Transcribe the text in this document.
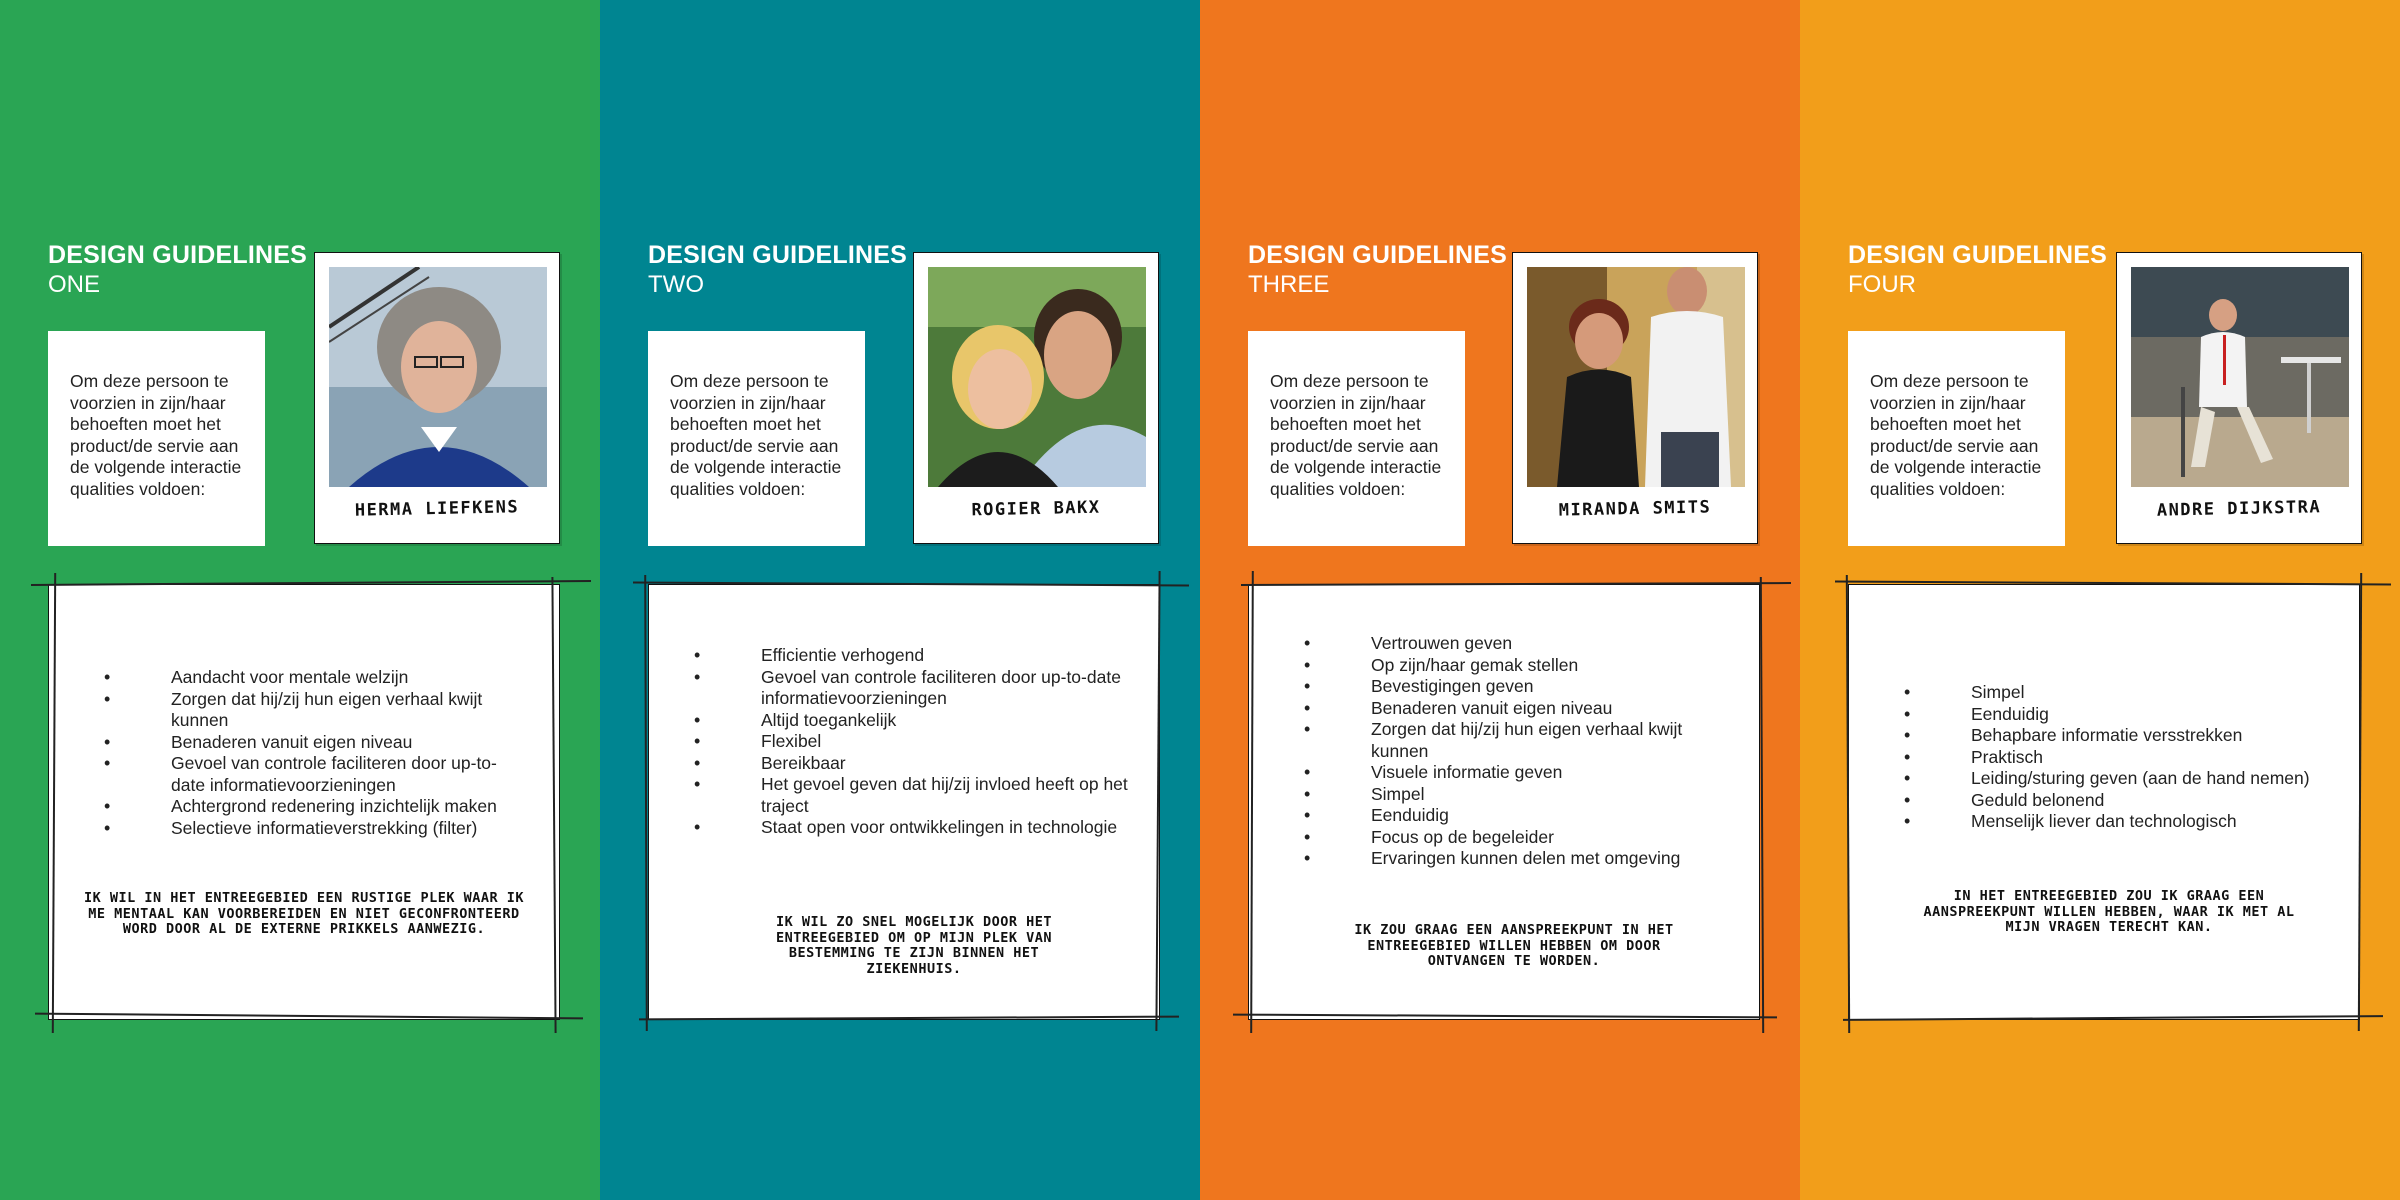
DESIGN GUIDELINES
ONE
Om deze persoon te voorzien in zijn/haar behoeften moet het product/de servie aan de volgende interactie qualities voldoen:
HERMA LIEFKENS
• Aandacht voor mentale welzijn
• Zorgen dat hij/zij hun eigen verhaal kwijt kunnen
• Benaderen vanuit eigen niveau
• Gevoel van controle faciliteren door up-to-date informatievoorzieningen
• Achtergrond redenering inzichtelijk maken
• Selectieve informatieverstrekking (filter)
IK WIL IN HET ENTREEGEBIED EEN RUSTIGE PLEK WAAR IK ME MENTAAL KAN VOORBEREIDEN EN NIET GECONFRONTEERD WORD DOOR AL DE EXTERNE PRIKKELS AANWEZIG.
DESIGN GUIDELINES
TWO
Om deze persoon te voorzien in zijn/haar behoeften moet het product/de servie aan de volgende interactie qualities voldoen:
ROGIER BAKX
• Efficientie verhogend
• Gevoel van controle faciliteren door up-to-date informatievoorzieningen
• Altijd toegankelijk
• Flexibel
• Bereikbaar
• Het gevoel geven dat hij/zij invloed heeft op het traject
• Staat open voor ontwikkelingen in technologie
IK WIL ZO SNEL MOGELIJK DOOR HET ENTREEGEBIED OM OP MIJN PLEK VAN BESTEMMING TE ZIJN BINNEN HET ZIEKENHUIS.
DESIGN GUIDELINES
THREE
Om deze persoon te voorzien in zijn/haar behoeften moet het product/de servie aan de volgende interactie qualities voldoen:
MIRANDA SMITS
• Vertrouwen geven
• Op zijn/haar gemak stellen
• Bevestigingen geven
• Benaderen vanuit eigen niveau
• Zorgen dat hij/zij hun eigen verhaal kwijt kunnen
• Visuele informatie geven
• Simpel
• Eenduidig
• Focus op de begeleider
• Ervaringen kunnen delen met omgeving
IK ZOU GRAAG EEN AANSPREEKPUNT IN HET ENTREEGEBIED WILLEN HEBBEN OM DOOR ONTVANGEN TE WORDEN.
DESIGN GUIDELINES
FOUR
Om deze persoon te voorzien in zijn/haar behoeften moet het product/de servie aan de volgende interactie qualities voldoen:
ANDRE DIJKSTRA
• Simpel
• Eenduidig
• Behapbare informatie versstrekken
• Praktisch
• Leiding/sturing geven (aan de hand nemen)
• Geduld belonend
• Menselijk liever dan technologisch
IN HET ENTREEGEBIED ZOU IK GRAAG EEN AANSPREEKPUNT WILLEN HEBBEN, WAAR IK MET AL MIJN VRAGEN TERECHT KAN.
